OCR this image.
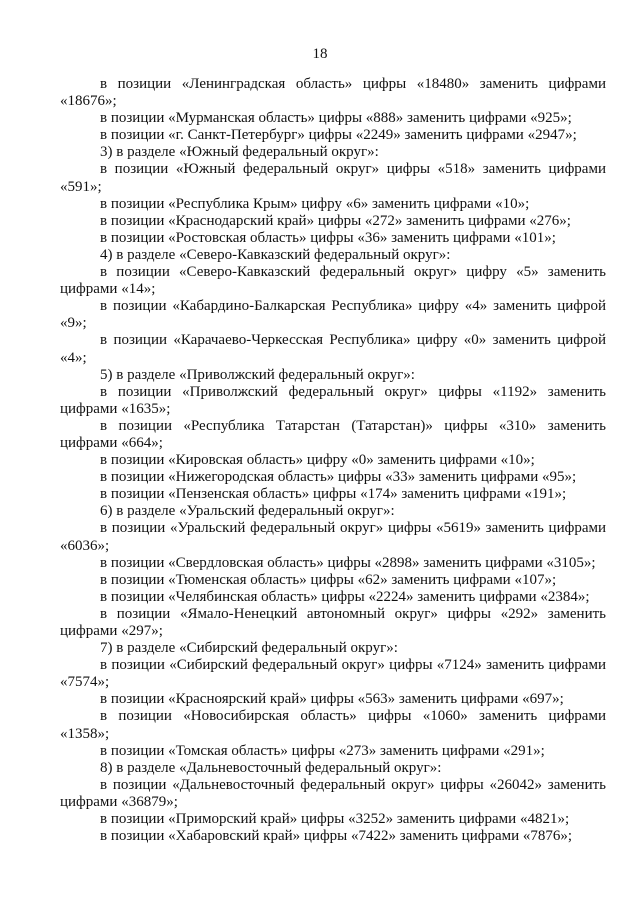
18

в позиции «Ленинградская область» цифры «18480» заменить цифрами «18676»;

в позиции «Мурманская область» цифры «888» заменить цифрами «925»;

в позиции «г. Санкт-Петербург» цифры «2249» заменить цифрами «2947»;

3) в разделе «Южный федеральный округ»:

в позиции «Южный федеральный округ» цифры «518» заменить цифрами «591»;

в позиции «Республика Крым» цифру «6» заменить цифрами «10»;

в позиции «Краснодарский край» цифры «272» заменить цифрами «276»;

в позиции «Ростовская область» цифры «36» заменить цифрами «101»;

4) в разделе «Северо-Кавказский федеральный округ»:

в позиции «Северо-Кавказский федеральный округ» цифру «5» заменить цифрами «14»;

в позиции «Кабардино-Балкарская Республика» цифру «4» заменить цифрой «9»;

в позиции «Карачаево-Черкесская Республика» цифру «0» заменить цифрой «4»;

5) в разделе «Приволжский федеральный округ»:

в позиции «Приволжский федеральный округ» цифры «1192» заменить цифрами «1635»;

в позиции «Республика Татарстан (Татарстан)» цифры «310» заменить цифрами «664»;

в позиции «Кировская область» цифру «0» заменить цифрами «10»;

в позиции «Нижегородская область» цифры «33» заменить цифрами «95»;

в позиции «Пензенская область» цифры «174» заменить цифрами «191»;

6) в разделе «Уральский федеральный округ»:

в позиции «Уральский федеральный округ» цифры «5619» заменить цифрами «6036»;

в позиции «Свердловская область» цифры «2898» заменить цифрами «3105»;

в позиции «Тюменская область» цифры «62» заменить цифрами «107»;

в позиции «Челябинская область» цифры «2224» заменить цифрами «2384»;

в позиции «Ямало-Ненецкий автономный округ» цифры «292» заменить цифрами «297»;

7) в разделе «Сибирский федеральный округ»:

в позиции «Сибирский федеральный округ» цифры «7124» заменить цифрами «7574»;

в позиции «Красноярский край» цифры «563» заменить цифрами «697»;

в позиции «Новосибирская область» цифры «1060» заменить цифрами «1358»;

в позиции «Томская область» цифры «273» заменить цифрами «291»;

8) в разделе «Дальневосточный федеральный округ»:

в позиции «Дальневосточный федеральный округ» цифры «26042» заменить цифрами «36879»;

в позиции «Приморский край» цифры «3252» заменить цифрами «4821»;

в позиции «Хабаровский край» цифры «7422» заменить цифрами «7876»;
